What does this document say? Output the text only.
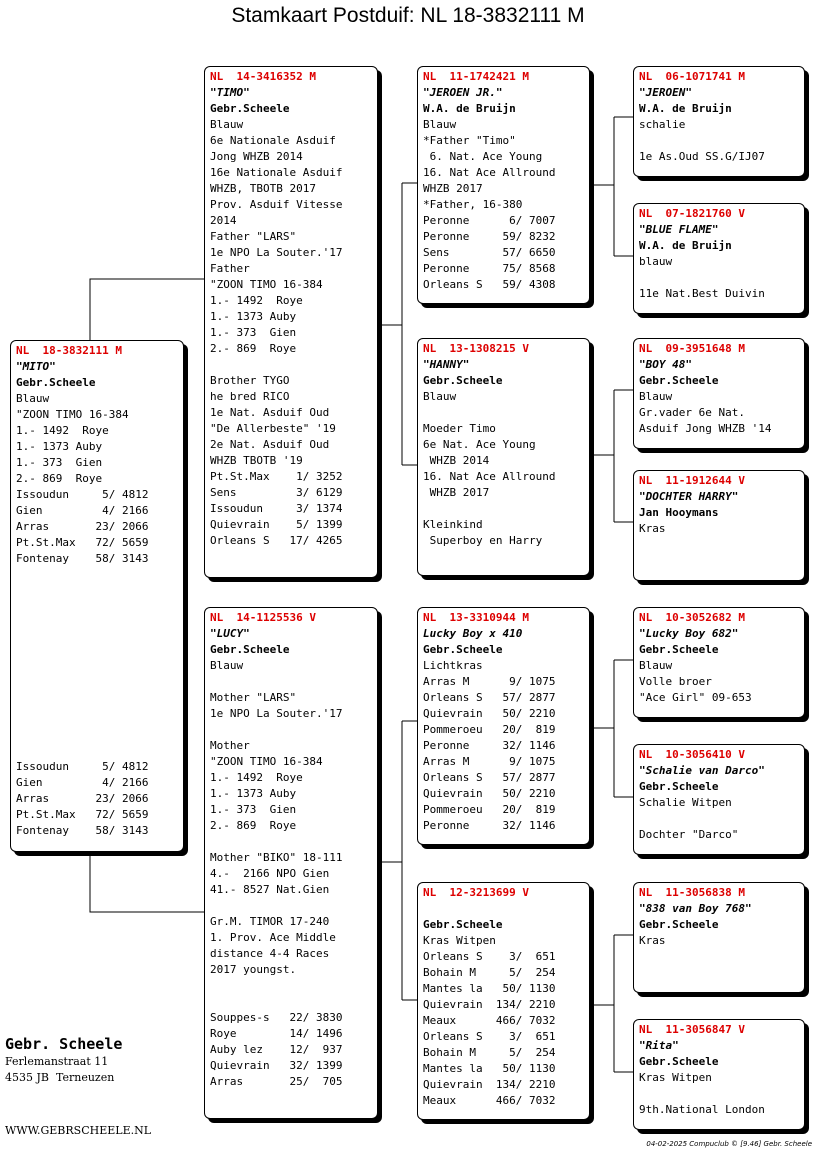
Stamkaart Postduif: NL 18-3832111 M
NL  18-3832111 M
"MITO"
Gebr.Scheele
Blauw
"ZOON TIMO 16-384
1.- 1492  Roye
1.- 1373 Auby
1.- 373  Gien
2.- 869  Roye
Issoudun     5/ 4812
Gien         4/ 2166
Arras       23/ 2066
Pt.St.Max   72/ 5659
Fontenay    58/ 3143
Issoudun     5/ 4812
Gien         4/ 2166
Arras       23/ 2066
Pt.St.Max   72/ 5659
Fontenay    58/ 3143
NL  14-3416352 M
"TIMO"
Gebr.Scheele
Blauw
6e Nationale Asduif
Jong WHZB 2014
16e Nationale Asduif
WHZB, TBOTB 2017
Prov. Asduif Vitesse
2014
Father "LARS"
1e NPO La Souter.'17
Father
"ZOON TIMO 16-384
1.- 1492  Roye
1.- 1373 Auby
1.- 373  Gien
2.- 869  Roye
Brother TYGO
he bred RICO
1e Nat. Asduif Oud
"De Allerbeste" '19
2e Nat. Asduif Oud
WHZB TBOTB '19
Pt.St.Max    1/ 3252
Sens         3/ 6129
Issoudun     3/ 1374
Quievrain    5/ 1399
Orleans S   17/ 4265
NL  14-1125536 V
"LUCY"
Gebr.Scheele
Blauw
Mother "LARS"
1e NPO La Souter.'17
Mother
"ZOON TIMO 16-384
1.- 1492  Roye
1.- 1373 Auby
1.- 373  Gien
2.- 869  Roye
Mother "BIKO" 18-111
4.-  2166 NPO Gien
41.- 8527 Nat.Gien
Gr.M. TIMOR 17-240
1. Prov. Ace Middle
distance 4-4 Races
2017 youngst.
Souppes-s   22/ 3830
Roye        14/ 1496
Auby lez    12/  937
Quievrain   32/ 1399
Arras       25/  705
NL  11-1742421 M
"JEROEN JR."
W.A. de Bruijn
Blauw
*Father "Timo"
6. Nat. Ace Young
16. Nat Ace Allround
WHZB 2017
*Father, 16-380
Peronne      6/ 7007
Peronne     59/ 8232
Sens        57/ 6650
Peronne     75/ 8568
Orleans S   59/ 4308
NL  13-1308215 V
"HANNY"
Gebr.Scheele
Blauw
Moeder Timo
6e Nat. Ace Young
WHZB 2014
16. Nat Ace Allround
WHZB 2017
Kleinkind
Superboy en Harry
NL  13-3310944 M
Lucky Boy x 410
Gebr.Scheele
Lichtkras
Arras M      9/ 1075
Orleans S   57/ 2877
Quievrain   50/ 2210
Pommeroeu   20/  819
Peronne     32/ 1146
Arras M      9/ 1075
Orleans S   57/ 2877
Quievrain   50/ 2210
Pommeroeu   20/  819
Peronne     32/ 1146
NL  12-3213699 V
Gebr.Scheele
Kras Witpen
Orleans S    3/  651
Bohain M     5/  254
Mantes la   50/ 1130
Quievrain  134/ 2210
Meaux      466/ 7032
Orleans S    3/  651
Bohain M     5/  254
Mantes la   50/ 1130
Quievrain  134/ 2210
Meaux      466/ 7032
NL  06-1071741 M
"JEROEN"
W.A. de Bruijn
schalie
1e As.Oud SS.G/IJ07
NL  07-1821760 V
"BLUE FLAME"
W.A. de Bruijn
blauw
11e Nat.Best Duivin
NL  09-3951648 M
"BOY 48"
Gebr.Scheele
Blauw
Gr.vader 6e Nat.
Asduif Jong WHZB '14
NL  11-1912644 V
"DOCHTER HARRY"
Jan Hooymans
Kras
NL  10-3052682 M
"Lucky Boy 682"
Gebr.Scheele
Blauw
Volle broer
"Ace Girl" 09-653
NL  10-3056410 V
"Schalie van Darco"
Gebr.Scheele
Schalie Witpen
Dochter "Darco"
NL  11-3056838 M
"838 van Boy 768"
Gebr.Scheele
Kras
NL  11-3056847 V
"Rita"
Gebr.Scheele
Kras Witpen
9th.National London
Gebr. Scheele
Ferlemanstraat 11
4535 JB  Terneuzen
WWW.GEBRSCHEELE.NL
04-02-2025 Compuclub © [9.46] Gebr. Scheele
